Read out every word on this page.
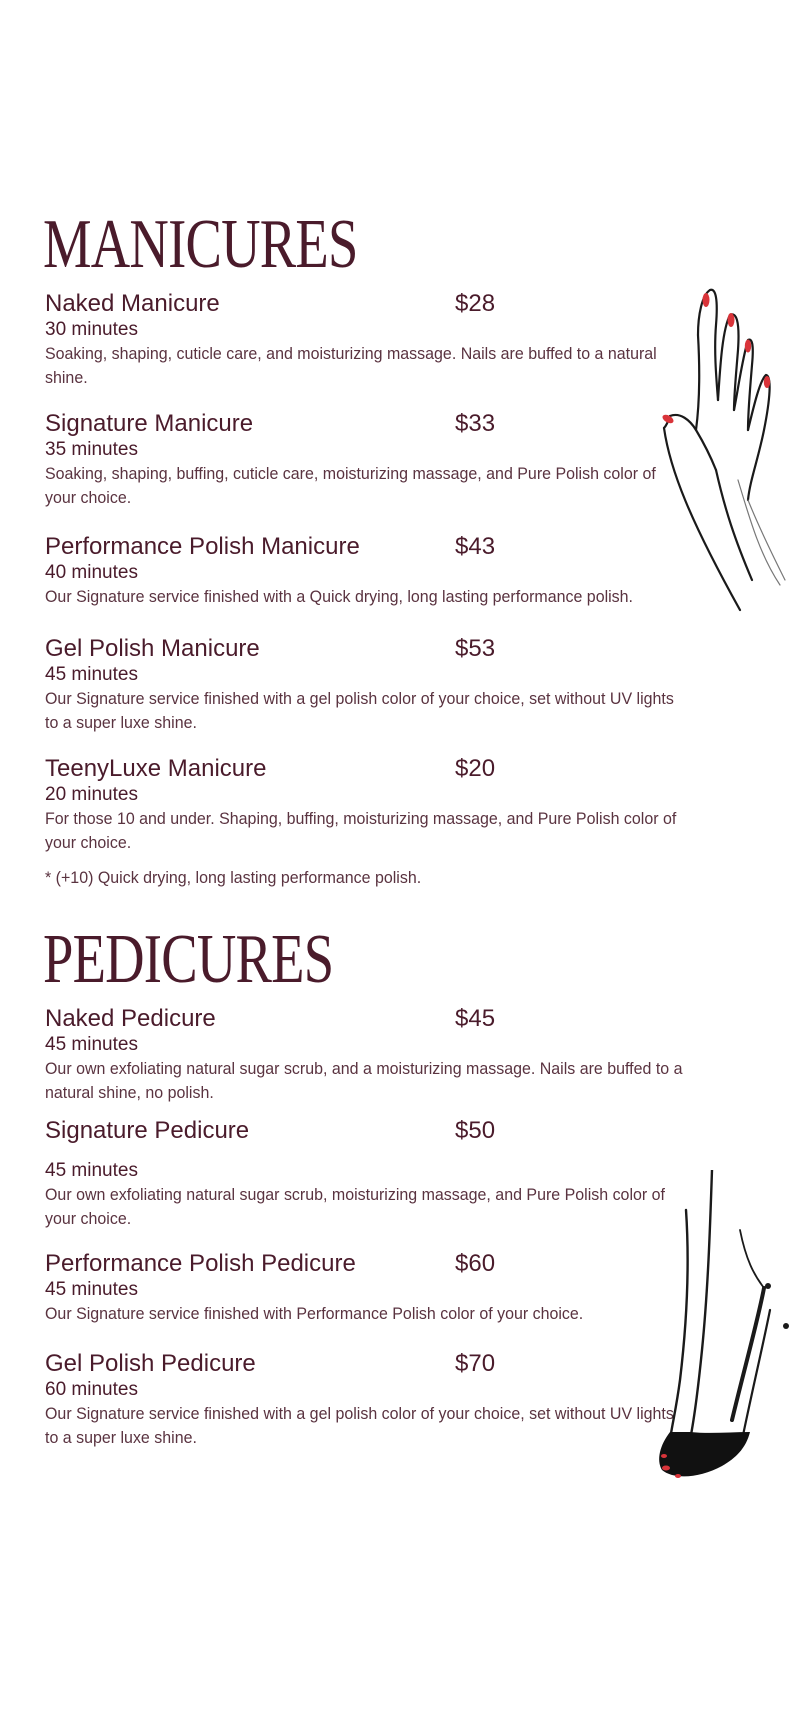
MANICURES
Naked Manicure	$28
30 minutes
Soaking, shaping, cuticle care, and moisturizing massage. Nails are buffed to a natural shine.
Signature Manicure	$33
35 minutes
Soaking, shaping, buffing, cuticle care, moisturizing massage, and Pure Polish color of your choice.
Performance Polish Manicure	$43
40 minutes
Our Signature service finished with a Quick drying, long lasting performance polish.
Gel Polish Manicure	$53
45 minutes
Our Signature service finished with a gel polish color of your choice, set without UV lights to a super luxe shine.
TeenyLuxe Manicure	$20
20 minutes
For those 10 and under. Shaping, buffing, moisturizing massage, and Pure Polish color of your choice.
* (+10) Quick drying, long lasting performance polish.
PEDICURES
Naked Pedicure	$45
45 minutes
Our own exfoliating natural sugar scrub, and a moisturizing massage. Nails are buffed to a natural shine, no polish.
Signature Pedicure	$50
45 minutes
Our own exfoliating natural sugar scrub, moisturizing massage, and Pure Polish color of your choice.
Performance Polish Pedicure	$60
45 minutes
Our Signature service finished with Performance Polish color of your choice.
Gel Polish Pedicure	$70
60 minutes
Our Signature service finished with a gel polish color of your choice, set without UV lights to a super luxe shine.
